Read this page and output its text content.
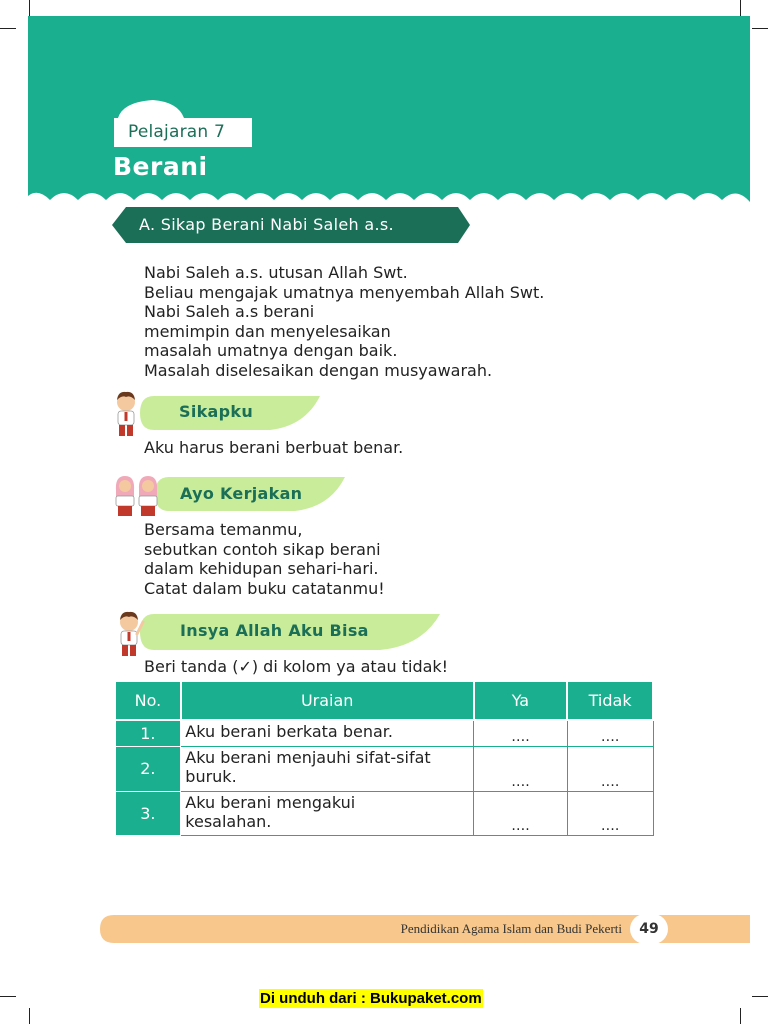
Pelajaran 7
Berani
A. Sikap Berani Nabi Saleh a.s.
Nabi Saleh a.s. utusan Allah Swt.
Beliau mengajak umatnya menyembah Allah Swt.
Nabi Saleh a.s berani
memimpin dan menyelesaikan
masalah umatnya dengan baik.
Masalah diselesaikan dengan musyawarah.
Sikapku
Aku harus berani berbuat benar.
Ayo Kerjakan
Bersama temanmu,
sebutkan contoh sikap berani
dalam kehidupan sehari-hari.
Catat dalam buku catatanmu!
Insya Allah Aku Bisa
Beri tanda (✓) di kolom ya atau tidak!
No.	Uraian	Ya	Tidak
1.	Aku berani berkata benar.	….	….
2.	Aku berani menjauhi sifat-sifat
buruk.	….	….
3.	Aku berani mengakui
kesalahan.	….	….
Pendidikan Agama Islam dan Budi Pekerti	49
Di unduh dari : Bukupaket.com
